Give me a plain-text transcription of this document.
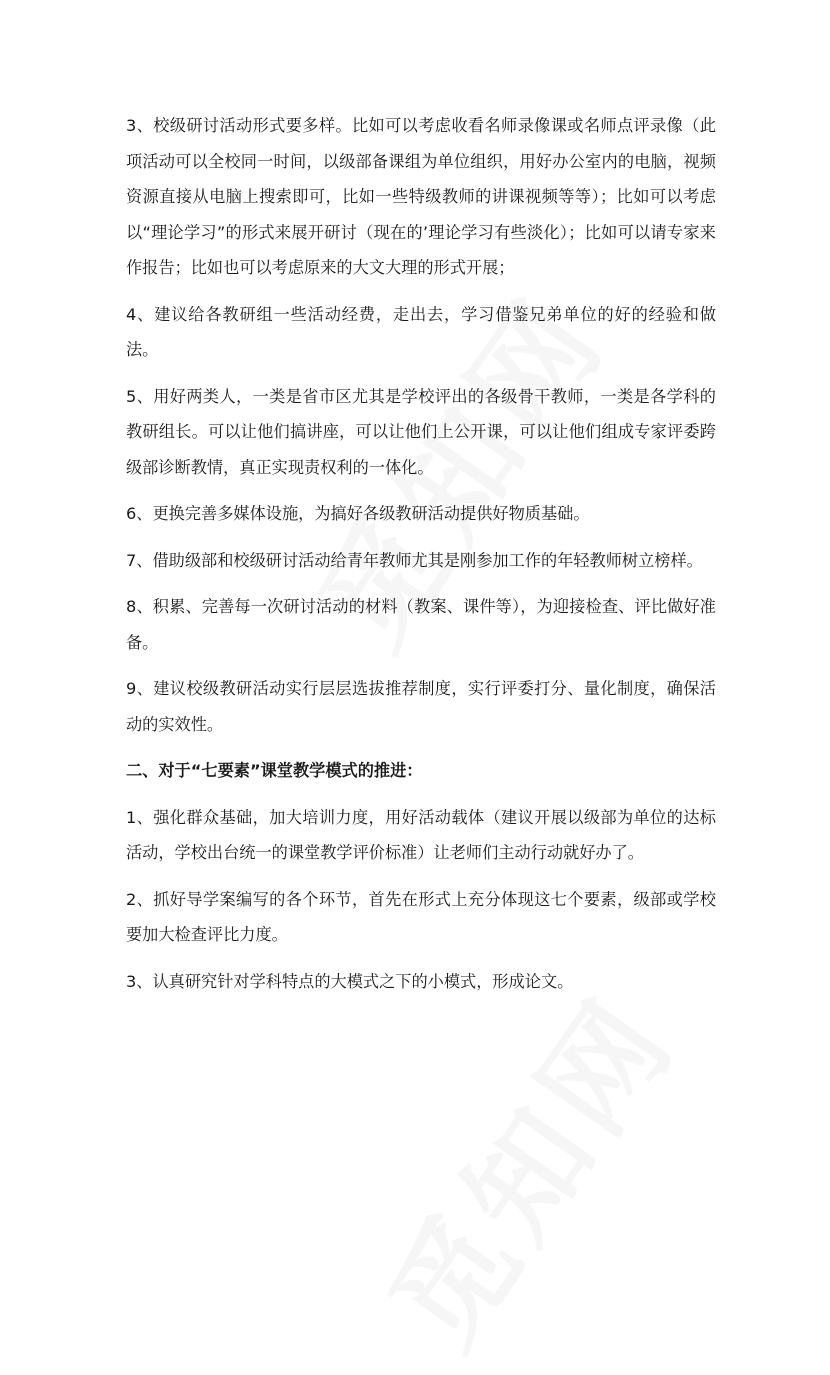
3、校级研讨活动形式要多样。比如可以考虑收看名师录像课或名师点评录像（此项活动可以全校同一时间，以级部备课组为单位组织，用好办公室内的电脑，视频资源直接从电脑上搜索即可，比如一些特级教师的讲课视频等等）；比如可以考虑以“理论学习”的形式来展开研讨（现在的’理论学习有些淡化）；比如可以请专家来作报告；比如也可以考虑原来的大文大理的形式开展；

4、建议给各教研组一些活动经费，走出去，学习借鉴兄弟单位的好的经验和做法。

5、用好两类人，一类是省市区尤其是学校评出的各级骨干教师，一类是各学科的教研组长。可以让他们搞讲座，可以让他们上公开课，可以让他们组成专家评委跨级部诊断教情，真正实现责权利的一体化。

6、更换完善多媒体设施，为搞好各级教研活动提供好物质基础。

7、借助级部和校级研讨活动给青年教师尤其是刚参加工作的年轻教师树立榜样。

8、积累、完善每一次研讨活动的材料（教案、课件等），为迎接检查、评比做好准备。

9、建议校级教研活动实行层层选拔推荐制度，实行评委打分、量化制度，确保活动的实效性。

二、对于“七要素”课堂教学模式的推进：

1、强化群众基础，加大培训力度，用好活动载体（建议开展以级部为单位的达标活动，学校出台统一的课堂教学评价标准）让老师们主动行动就好办了。

2、抓好导学案编写的各个环节，首先在形式上充分体现这七个要素，级部或学校要加大检查评比力度。

3、认真研究针对学科特点的大模式之下的小模式，形成论文。
